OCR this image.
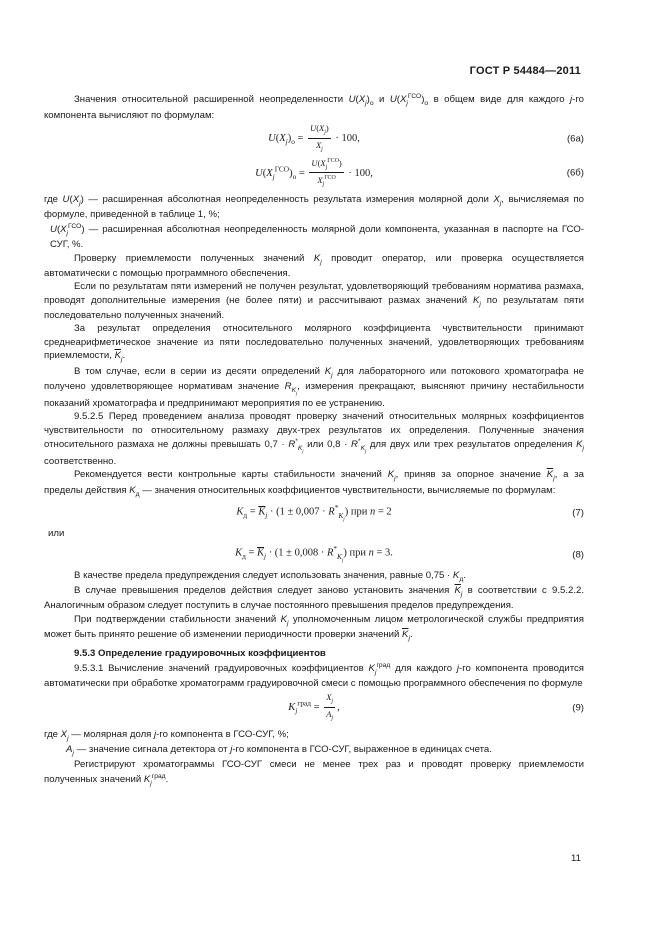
ГОСТ Р 54484—2011

Значения относительной расширенной неопределенности $U(X_j)_о$ и $U(X_j^{ГСО})_о$ в общем виде для каждого j-го компонента вычисляют по формулам:

$U(X_j)_о = \frac{U(X_j)}{X_j} \cdot 100$,	(6а)
$U(X_j^{ГСО})_о = \frac{U(X_j^{ГСО})}{X_j^{ГСО}} \cdot 100$,	(6б)

где $U(X_j)$ — расширенная абсолютная неопределенность результата измерения молярной доли $X_j$, вычисляемая по формуле, приведенной в таблице 1, %;

$U(X_j^{ГСО})$ — расширенная абсолютная неопределенность молярной доли компонента, указанная в паспорте на ГСО-СУГ, %.

Проверку приемлемости полученных значений $K_j$ проводит оператор, или проверка осуществляется автоматически с помощью программного обеспечения.

Если по результатам пяти измерений не получен результат, удовлетворяющий требованиям норматива размаха, проводят дополнительные измерения (не более пяти) и рассчитывают размах значений $K_j$ по результатам пяти последовательно полученных значений.

За результат определения относительного молярного коэффициента чувствительности принимают среднеарифметическое значение из пяти последовательно полученных значений, удовлетворяющих требованиям приемлемости, $\overline{K}_j$.

В том случае, если в серии из десяти определений $K_j$ для лабораторного или потокового хроматографа не получено удовлетворяющее нормативам значение $R_{K_j}$, измерения прекращают, выясняют причину нестабильности показаний хроматографа и предпринимают мероприятия по ее устранению.

9.5.2.5 Перед проведением анализа проводят проверку значений относительных молярных коэффициентов чувствительности по относительному размаху двух-трех результатов их определения. Полученные значения относительного размаха не должны превышать $0,7 \cdot R^*_{K_j}$ или $0,8 \cdot R^*_{K_j}$ для двух или трех результатов определения $K_j$ соответственно.

Рекомендуется вести контрольные карты стабильности значений $K_j$, приняв за опорное значение $\overline{K}_j$, а за пределы действия $K_д$ — значения относительных коэффициентов чувствительности, вычисляемые по формулам:

$K_д = \overline{K}_j \cdot (1 \pm 0,007 \cdot R^*_{K_j})$ при n = 2	(7)

или

$K_д = \overline{K}_j \cdot (1 \pm 0,008 \cdot R^*_{K_j})$ при n = 3.	(8)

В качестве предела предупреждения следует использовать значения, равные $0,75 \cdot K_д$.

В случае превышения пределов действия следует заново установить значения $\overline{K}_j$ в соответствии с 9.5.2.2. Аналогичным образом следует поступить в случае постоянного превышения пределов предупреждения.

При подтверждении стабильности значений $K_j$ уполномоченным лицом метрологической службы предприятия может быть принято решение об изменении периодичности проверки значений $\overline{K}_j$.

9.5.3 Определение градуировочных коэффициентов

9.5.3.1 Вычисление значений градуировочных коэффициентов $K_j^{град}$ для каждого j-го компонента проводится автоматически при обработке хроматограмм градуировочной смеси с помощью программного обеспечения по формуле

$K_j^{град} = \frac{X_j}{A_j}$ ,	(9)

где $X_j$ — молярная доля j-го компонента в ГСО-СУГ, %;

$A_j$ — значение сигнала детектора от j-го компонента в ГСО-СУГ, выраженное в единицах счета.

Регистрируют хроматограммы ГСО-СУГ смеси не менее трех раз и проводят проверку приемлемости полученных значений $K_j^{град}$.

11
